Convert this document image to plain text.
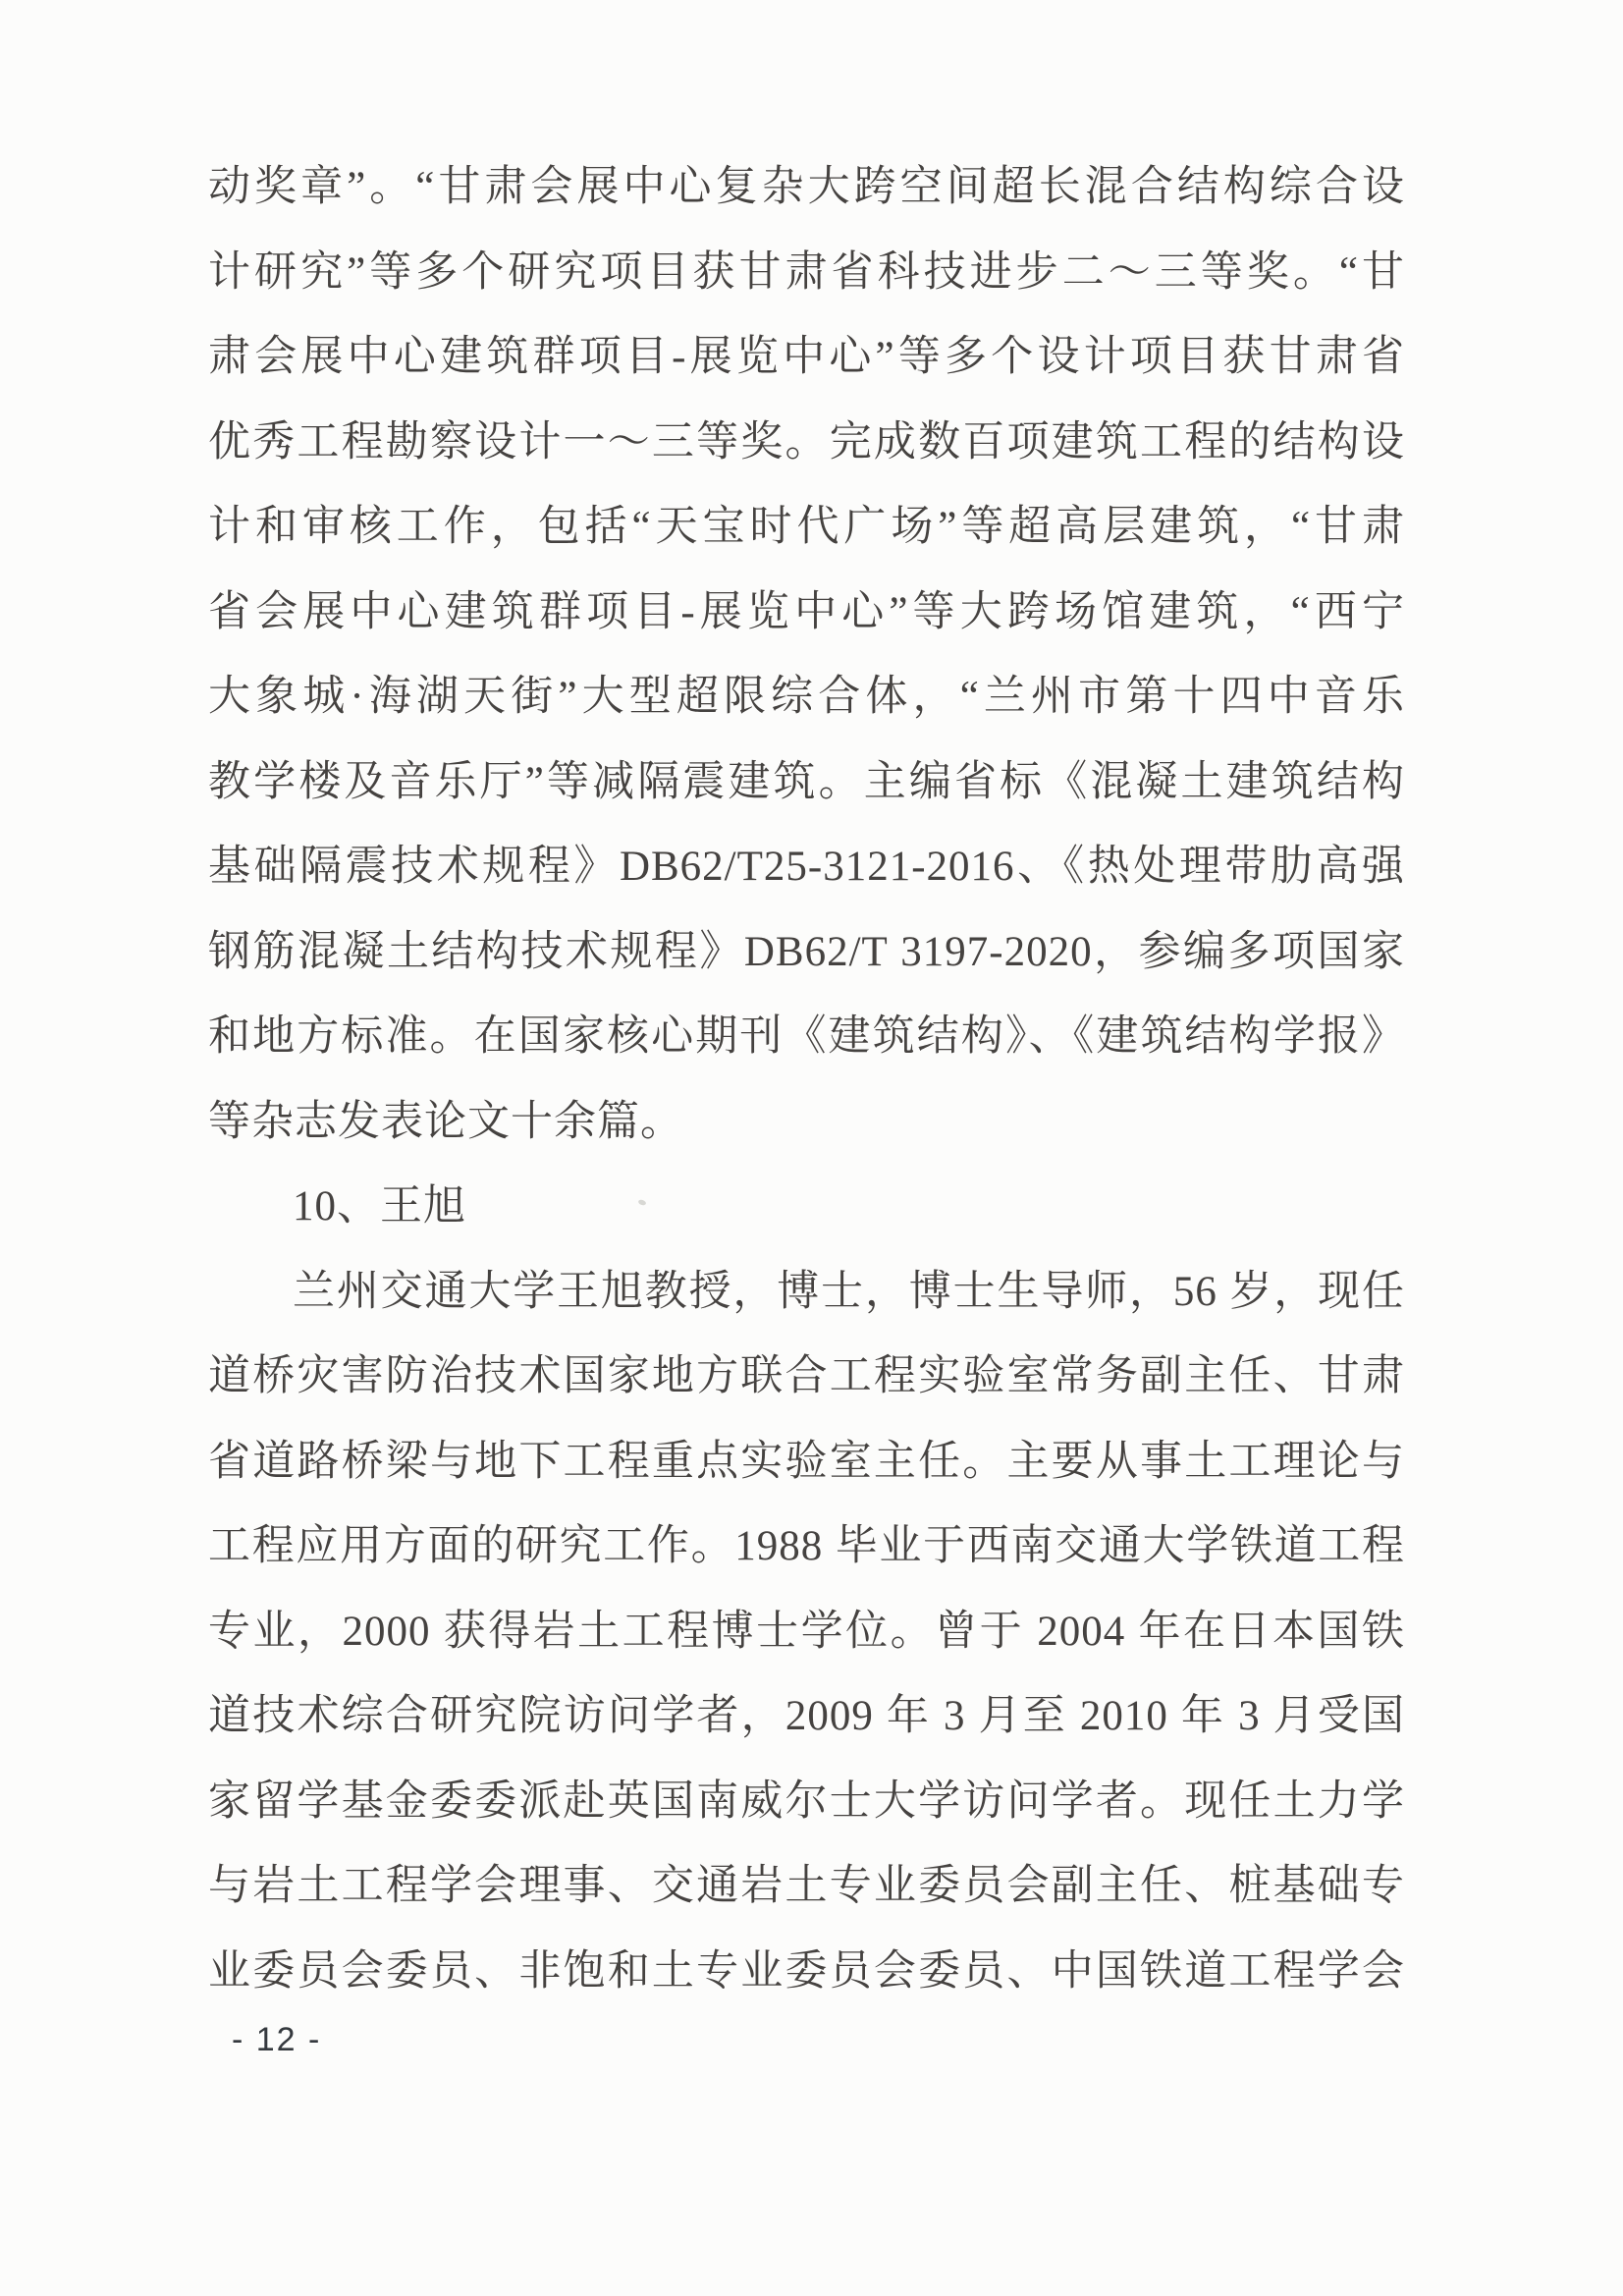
动奖章”。“甘肃会展中心复杂大跨空间超长混合结构综合设
计研究”等多个研究项目获甘肃省科技进步二～三等奖。“甘
肃会展中心建筑群项目-展览中心”等多个设计项目获甘肃省
优秀工程勘察设计一～三等奖。完成数百项建筑工程的结构设
计和审核工作，包括“天宝时代广场”等超高层建筑，“甘肃
省会展中心建筑群项目-展览中心”等大跨场馆建筑，“西宁
大象城·海湖天街”大型超限综合体，“兰州市第十四中音乐
教学楼及音乐厅”等减隔震建筑。主编省标《混凝土建筑结构
基础隔震技术规程》DB62/T25-3121-2016、《热处理带肋高强
钢筋混凝土结构技术规程》DB62/T 3197-2020，参编多项国家
和地方标准。在国家核心期刊《建筑结构》、《建筑结构学报》
等杂志发表论文十余篇。
10、王旭
兰州交通大学王旭教授，博士，博士生导师，56 岁，现任
道桥灾害防治技术国家地方联合工程实验室常务副主任、甘肃
省道路桥梁与地下工程重点实验室主任。主要从事土工理论与
工程应用方面的研究工作。1988 毕业于西南交通大学铁道工程
专业，2000 获得岩土工程博士学位。曾于 2004 年在日本国铁
道技术综合研究院访问学者，2009 年 3 月至 2010 年 3 月受国
家留学基金委委派赴英国南威尔士大学访问学者。现任土力学
与岩土工程学会理事、交通岩土专业委员会副主任、桩基础专
业委员会委员、非饱和土专业委员会委员、中国铁道工程学会
- 12 -
